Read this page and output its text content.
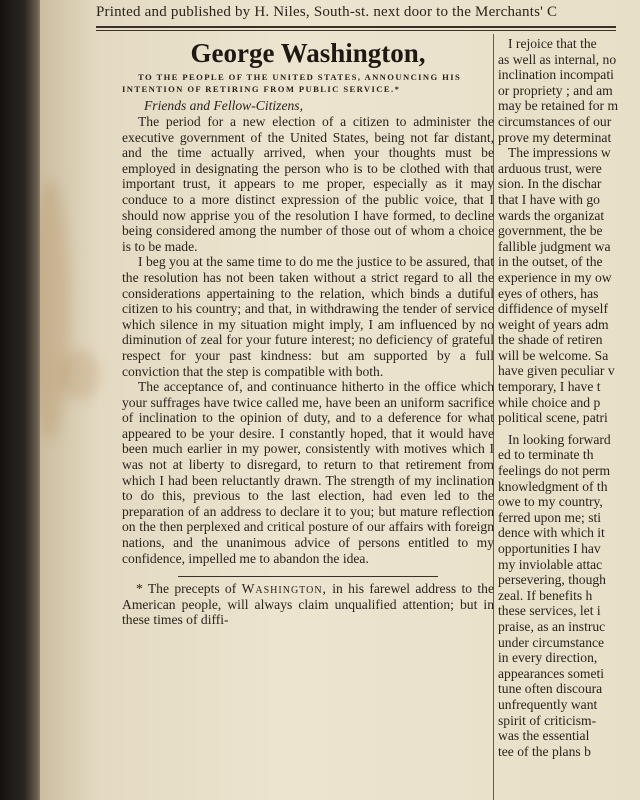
Printed and published by H. Niles, South-st. next door to the Merchants' C
George Washington,
TO THE PEOPLE OF THE UNITED STATES, ANNOUNCING HIS INTENTION OF RETIRING FROM PUBLIC SERVICE.*
Friends and Fellow-Citizens,

The period for a new election of a citizen to administer the executive government of the United States, being not far distant, and the time actually arrived, when your thoughts must be employed in designating the person who is to be clothed with that important trust, it appears to me proper, especially as it may conduce to a more distinct expression of the public voice, that I should now apprise you of the resolution I have formed, to decline being considered among the number of those out of whom a choice is to be made.

I beg you at the same time to do me the justice to be assured, that the resolution has not been taken without a strict regard to all the considerations appertaining to the relation, which binds a dutiful citizen to his country; and that, in withdrawing the tender of service which silence in my situation might imply, I am influenced by no diminution of zeal for your future interest; no deficiency of grateful respect for your past kindness: but am supported by a full conviction that the step is compatible with both.

The acceptance of, and continuance hitherto in the office which your suffrages have twice called me, have been an uniform sacrifice of inclination to the opinion of duty, and to a deference for what appeared to be your desire. I constantly hoped, that it would have been much earlier in my power, consistently with motives which I was not at liberty to disregard, to return to that retirement from which I had been reluctantly drawn. The strength of my inclination to do this, previous to the last election, had even led to the preparation of an address to declare it to you; but mature reflection on the then perplexed and critical posture of our affairs with foreign nations, and the unanimous advice of persons entitled to my confidence, impelled me to abandon the idea.

* The precepts of Washington, in his farewel address to the American people, will always claim unqualified attention; but in these times of diffi-
I rejoice that the
as well as internal, no
inclination incompati
or propriety ; and am
may be retained for m
circumstances of our
prove my determinat
The impressions w
arduous trust, were
sion. In the dischar
that I have with go
wards the organizat
government, the be
fallible judgment wa
in the outset, of the
experience in my ow
eyes of others, has
diffidence of myself
weight of years adm
the shade of retiren
will be welcome. Sa
have given peculiar v
temporary, I have t
while choice and p
political scene, patri
In looking forward
ed to terminate th
feelings do not perm
knowledgment of th
owe to my country,
ferred upon me; sti
dence with which it
opportunities I hav
my inviolable attac
persevering, though
zeal. If benefits h
these services, let i
praise, as an instruc
under circumstance
in every direction,
appearances someti
tune often discoura
unfrequently want
spirit of criticism-
was the essential
tee of the plans b
